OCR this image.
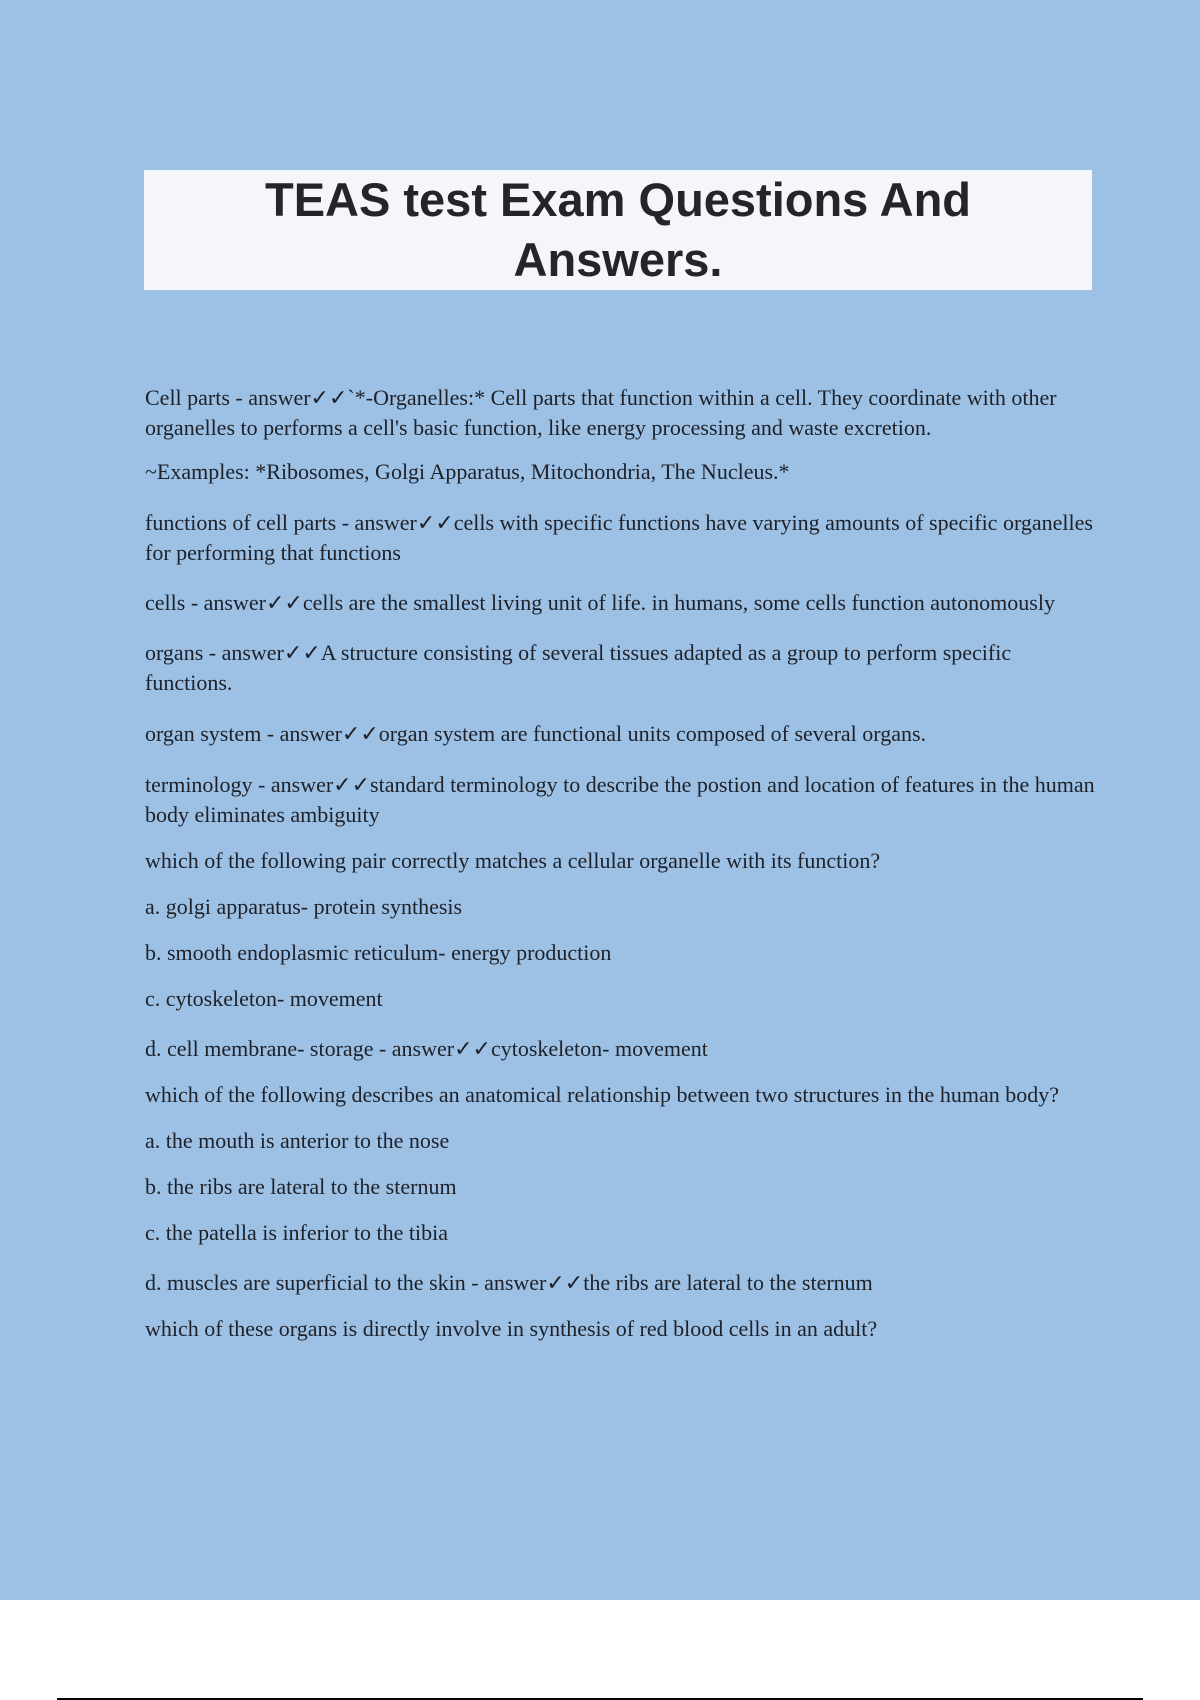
TEAS test Exam Questions And
Answers.

Cell parts - answer✓✓`*-Organelles:* Cell parts that function within a cell. They coordinate with other organelles to performs a cell's basic function, like energy processing and waste excretion.

~Examples: *Ribosomes, Golgi Apparatus, Mitochondria, The Nucleus.*

functions of cell parts - answer✓✓cells with specific functions have varying amounts of specific organelles for performing that functions

cells - answer✓✓cells are the smallest living unit of life. in humans, some cells function autonomously

organs - answer✓✓A structure consisting of several tissues adapted as a group to perform specific functions.

organ system - answer✓✓organ system are functional units composed of several organs.

terminology - answer✓✓standard terminology to describe the postion and location of features in the human body eliminates ambiguity

which of the following pair correctly matches a cellular organelle with its function?

a. golgi apparatus- protein synthesis

b. smooth endoplasmic reticulum- energy production

c. cytoskeleton- movement

d. cell membrane- storage - answer✓✓cytoskeleton- movement

which of the following describes an anatomical relationship between two structures in the human body?

a. the mouth is anterior to the nose

b. the ribs are lateral to the sternum

c. the patella is inferior to the tibia

d. muscles are superficial to the skin - answer✓✓the ribs are lateral to the sternum

which of these organs is directly involve in synthesis of red blood cells in an adult?
